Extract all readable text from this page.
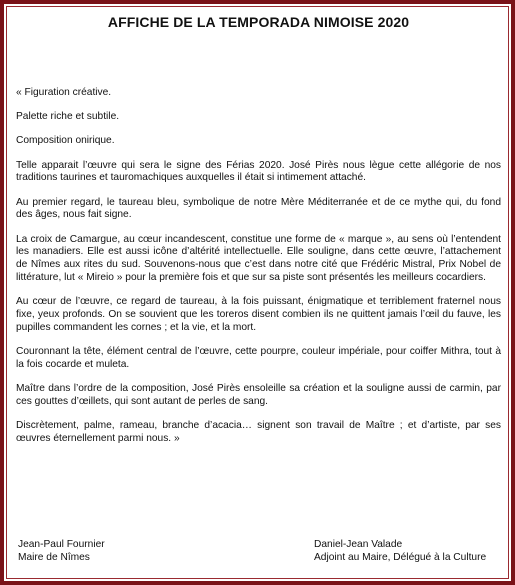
AFFICHE DE LA TEMPORADA NIMOISE 2020

« Figuration créative.

Palette riche et subtile.

Composition onirique.

Telle apparait l’œuvre qui sera le signe des Férias 2020. José Pirès nous lègue cette allégorie de nos traditions taurines et tauromachiques auxquelles il était si intimement attaché.

Au premier regard, le taureau bleu, symbolique de notre Mère Méditerranée et de ce mythe qui, du fond des âges, nous fait signe.

La croix de Camargue, au cœur incandescent, constitue une forme de « marque », au sens où l’entendent les manadiers. Elle est aussi icône d’altérité intellectuelle. Elle souligne, dans cette œuvre, l’attachement de Nîmes aux rites du sud. Souvenons-nous que c’est dans notre cité que Frédéric Mistral, Prix Nobel de littérature, lut « Mireio » pour la première fois et que sur sa piste sont présentés les meilleurs cocardiers.

Au cœur de l’œuvre, ce regard de taureau, à la fois puissant, énigmatique et terriblement fraternel nous fixe, yeux profonds. On se souvient que les toreros disent combien ils ne quittent jamais l’œil du fauve, les pupilles commandent les cornes ; et la vie, et la mort.

Couronnant la tête, élément central de l’œuvre, cette pourpre, couleur impériale, pour coiffer Mithra, tout à la fois cocarde et muleta.

Maître dans l’ordre de la composition, José Pirès ensoleille sa création et la souligne aussi de carmin, par ces gouttes d’œillets, qui sont autant de perles de sang.

Discrètement, palme, rameau, branche d’acacia… signent son travail de Maître ; et d’artiste, par ses œuvres éternellement parmi nous. »

Jean-Paul Fournier
Maire de Nîmes
Daniel-Jean Valade
Adjoint au Maire, Délégué à la Culture
